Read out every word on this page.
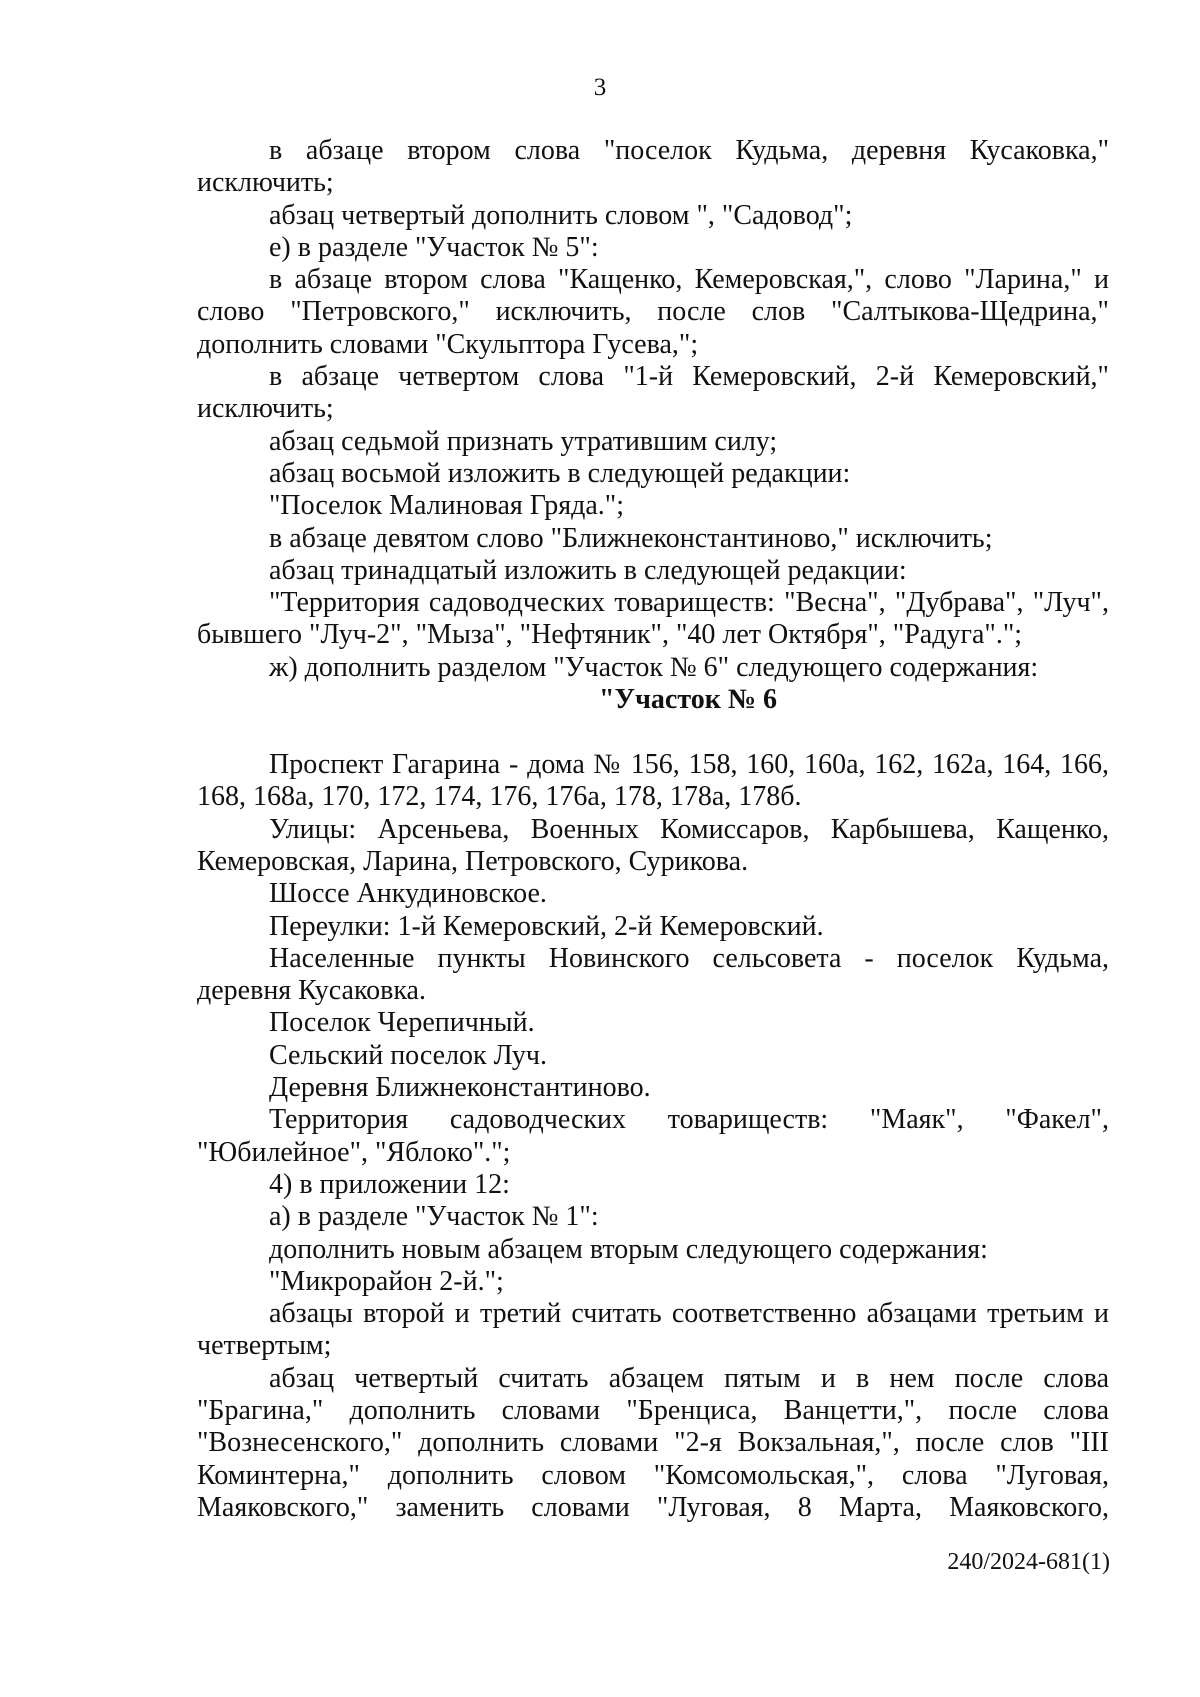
3

в абзаце втором слова "поселок Кудьма, деревня Кусаковка," исключить;

абзац четвертый дополнить словом ", "Садовод";

е) в разделе "Участок № 5":

в абзаце втором слова "Кащенко, Кемеровская,", слово "Ларина," и слово "Петровского," исключить, после слов "Салтыкова-Щедрина," дополнить словами "Скульптора Гусева,";

в абзаце четвертом слова "1-й Кемеровский, 2-й Кемеровский," исключить;

абзац седьмой признать утратившим силу;

абзац восьмой изложить в следующей редакции:

"Поселок Малиновая Гряда.";

в абзаце девятом слово "Ближнеконстантиново," исключить;

абзац тринадцатый изложить в следующей редакции:

"Территория садоводческих товариществ: "Весна", "Дубрава", "Луч", бывшего "Луч-2", "Мыза", "Нефтяник", "40 лет Октября", "Радуга".";

ж) дополнить разделом "Участок № 6" следующего содержания:

"Участок № 6

Проспект Гагарина - дома № 156, 158, 160, 160а, 162, 162а, 164, 166, 168, 168а, 170, 172, 174, 176, 176а, 178, 178а, 178б.

Улицы: Арсеньева, Военных Комиссаров, Карбышева, Кащенко, Кемеровская, Ларина, Петровского, Сурикова.

Шоссе Анкудиновское.

Переулки: 1-й Кемеровский, 2-й Кемеровский.

Населенные пункты Новинского сельсовета - поселок Кудьма, деревня Кусаковка.

Поселок Черепичный.

Сельский поселок Луч.

Деревня Ближнеконстантиново.

Территория садоводческих товариществ: "Маяк", "Факел", "Юбилейное", "Яблоко".";

4) в приложении 12:

а) в разделе "Участок № 1":

дополнить новым абзацем вторым следующего содержания:

"Микрорайон 2-й.";

абзацы второй и третий считать соответственно абзацами третьим и четвертым;

абзац четвертый считать абзацем пятым и в нем после слова "Брагина," дополнить словами "Бренциса, Ванцетти,", после слова "Вознесенского," дополнить словами "2-я Вокзальная,", после слов "III Коминтерна," дополнить словом "Комсомольская,", слова "Луговая, Маяковского," заменить словами "Луговая, 8 Марта, Маяковского,

240/2024-681(1)
